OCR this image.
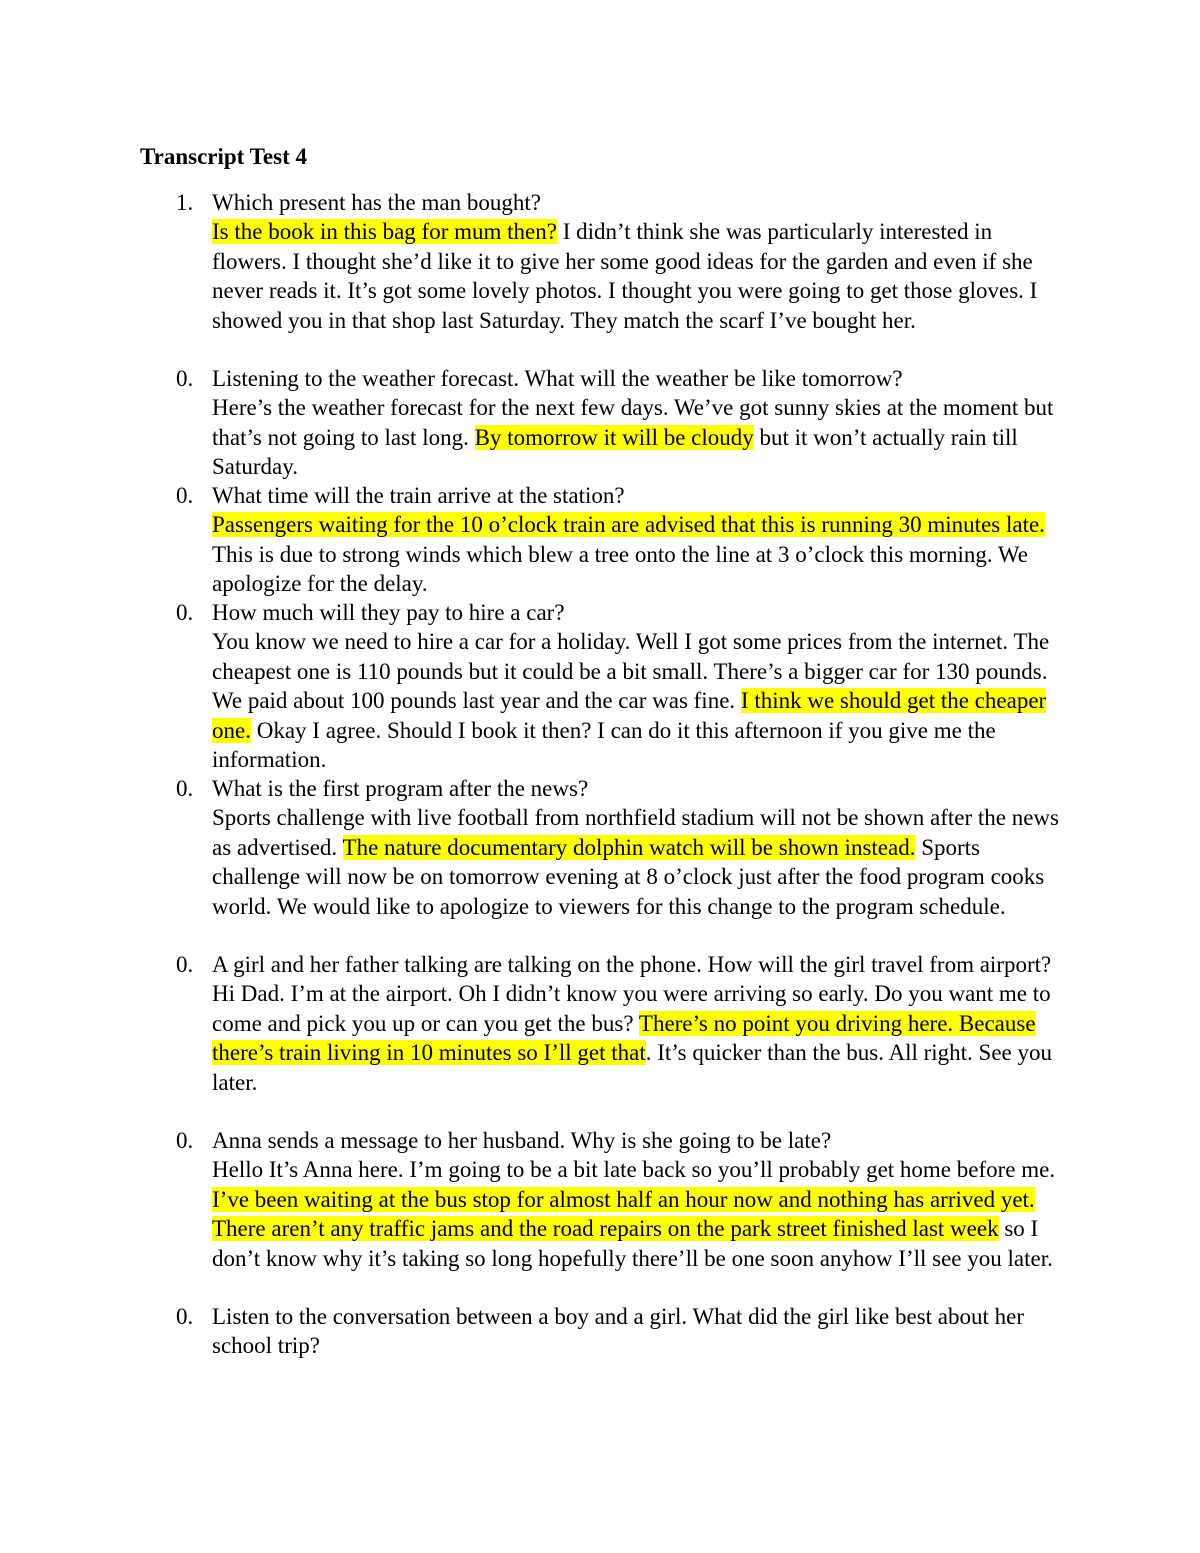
Transcript Test 4
1. Which present has the man bought?
Is the book in this bag for mum then? I didn’t think she was particularly interested in flowers. I thought she’d like it to give her some good ideas for the garden and even if she never reads it. It’s got some lovely photos. I thought you were going to get those gloves. I showed you in that shop last Saturday. They match the scarf I’ve bought her.
0. Listening to the weather forecast. What will the weather be like tomorrow?
Here’s the weather forecast for the next few days. We’ve got sunny skies at the moment but that’s not going to last long. By tomorrow it will be cloudy but it won’t actually rain till Saturday.
0. What time will the train arrive at the station?
Passengers waiting for the 10 o’clock train are advised that this is running 30 minutes late. This is due to strong winds which blew a tree onto the line at 3 o’clock this morning. We apologize for the delay.
0. How much will they pay to hire a car?
You know we need to hire a car for a holiday. Well I got some prices from the internet. The cheapest one is 110 pounds but it could be a bit small. There’s a bigger car for 130 pounds. We paid about 100 pounds last year and the car was fine. I think we should get the cheaper one. Okay I agree. Should I book it then? I can do it this afternoon if you give me the information.
0. What is the first program after the news?
Sports challenge with live football from northfield stadium will not be shown after the news as advertised. The nature documentary dolphin watch will be shown instead. Sports challenge will now be on tomorrow evening at 8 o’clock just after the food program cooks world. We would like to apologize to viewers for this change to the program schedule.
0. A girl and her father talking are talking on the phone. How will the girl travel from airport?
Hi Dad. I’m at the airport. Oh I didn’t know you were arriving so early. Do you want me to come and pick you up or can you get the bus? There’s no point you driving here. Because there’s train living in 10 minutes so I’ll get that. It’s quicker than the bus. All right. See you later.
0. Anna sends a message to her husband. Why is she going to be late?
Hello It’s Anna here. I’m going to be a bit late back so you’ll probably get home before me. I’ve been waiting at the bus stop for almost half an hour now and nothing has arrived yet. There aren’t any traffic jams and the road repairs on the park street finished last week so I don’t know why it’s taking so long hopefully there’ll be one soon anyhow I’ll see you later.
0. Listen to the conversation between a boy and a girl. What did the girl like best about her school trip?
